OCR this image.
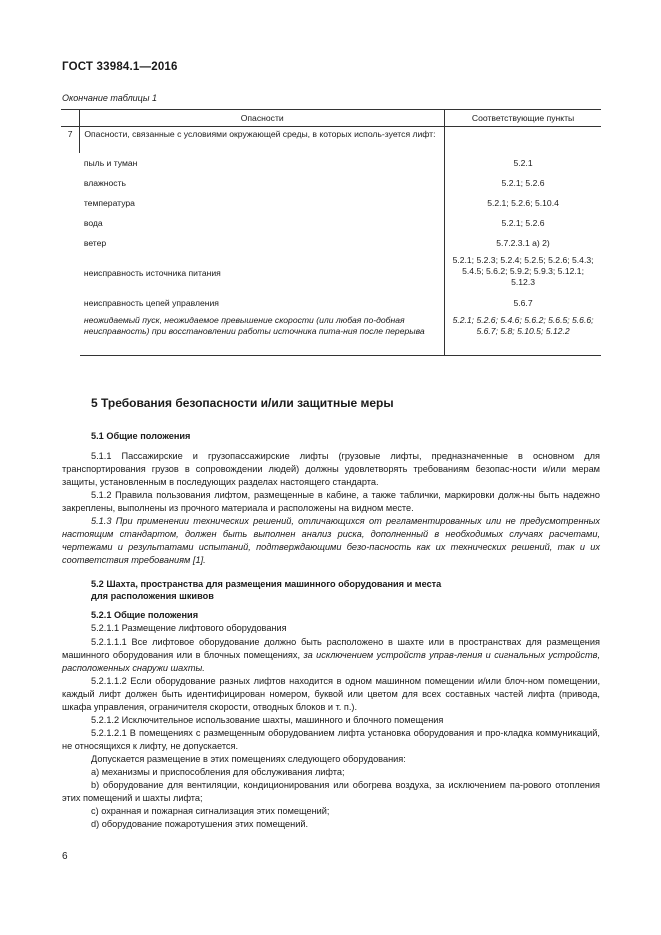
ГОСТ 33984.1—2016
Окончание таблицы 1
	Опасности	Соответствующие пункты
7	Опасности, связанные с условиями окружающей среды, в которых исполь-зуется лифт:	
	пыль и туман	5.2.1
	влажность	5.2.1; 5.2.6
	температура	5.2.1; 5.2.6; 5.10.4
	вода	5.2.1; 5.2.6
	ветер	5.7.2.3.1 а) 2)
	неисправность источника питания	5.2.1; 5.2.3; 5.2.4; 5.2.5; 5.2.6; 5.4.3; 5.4.5; 5.6.2; 5.9.2; 5.9.3; 5.12.1; 5.12.3
	неисправность цепей управления	5.6.7
	неожидаемый пуск, неожидаемое превышение скорости (или любая по-добная неисправность) при восстановлении работы источника пита-ния после перерыва	5.2.1; 5.2.6; 5.4.6; 5.6.2; 5.6.5; 5.6.6; 5.6.7; 5.8; 5.10.5; 5.12.2
5 Требования безопасности и/или защитные меры
5.1 Общие положения
5.1.1 Пассажирские и грузопассажирские лифты (грузовые лифты, предназначенные в основном для транспортирования грузов в сопровождении людей) должны удовлетворять требованиям безопас-ности и/или мерам защиты, установленным в последующих разделах настоящего стандарта.
5.1.2 Правила пользования лифтом, размещенные в кабине, а также таблички, маркировки долж-ны быть надежно закреплены, выполнены из прочного материала и расположены на видном месте.
5.1.3 При применении технических решений, отличающихся от регламентированных или не предусмотренных настоящим стандартом, должен быть выполнен анализ риска, дополненный в необходимых случаях расчетами, чертежами и результатами испытаний, подтверждающими безо-пасность как их технических решений, так и их соответствия требованиям [1].
5.2 Шахта, пространства для размещения машинного оборудования и места
для расположения шкивов
5.2.1 Общие положения
5.2.1.1 Размещение лифтового оборудования
5.2.1.1.1 Все лифтовое оборудование должно быть расположено в шахте или в пространствах для размещения машинного оборудования или в блочных помещениях, за исключением устройств управ-ления и сигнальных устройств, расположенных снаружи шахты.
5.2.1.1.2 Если оборудование разных лифтов находится в одном машинном помещении и/или блоч-ном помещении, каждый лифт должен быть идентифицирован номером, буквой или цветом для всех составных частей лифта (привода, шкафа управления, ограничителя скорости, отводных блоков и т. п.).
5.2.1.2 Исключительное использование шахты, машинного и блочного помещения
5.2.1.2.1 В помещениях с размещенным оборудованием лифта установка оборудования и про-кладка коммуникаций, не относящихся к лифту, не допускается.
Допускается размещение в этих помещениях следующего оборудования:
а) механизмы и приспособления для обслуживания лифта;
b) оборудование для вентиляции, кондиционирования или обогрева воздуха, за исключением па-рового отопления этих помещений и шахты лифта;
c) охранная и пожарная сигнализация этих помещений;
d) оборудование пожаротушения этих помещений.
6
